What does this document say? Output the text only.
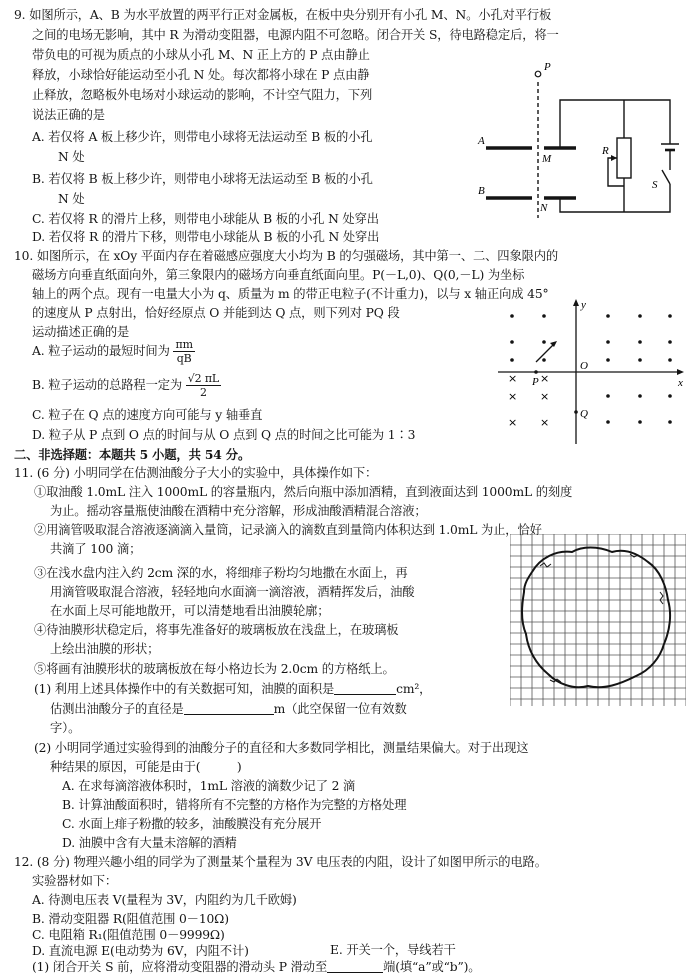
9. 如图所示，A、B 为水平放置的两平行正对金属板，在板中央分别开有小孔 M、N。小孔对平行板
之间的电场无影响，其中 R 为滑动变阻器，电源内阻不可忽略。闭合开关 S，待电路稳定后，将一
带负电的可视为质点的小球从小孔 M、N 正上方的 P 点由静止
释放，小球恰好能运动至小孔 N 处。每次都将小球在 P 点由静
止释放，忽略板外电场对小球运动的影响，不计空气阻力，下列
说法正确的是
A. 若仅将 A 板上移少许，则带电小球将无法运动至 B 板的小孔
N 处
B. 若仅将 B 板上移少许，则带电小球将无法运动至 B 板的小孔
N 处
C. 若仅将 R 的滑片上移，则带电小球能从 B 板的小孔 N 处穿出
D. 若仅将 R 的滑片下移，则带电小球能从 B 板的小孔 N 处穿出
P
A
M
B
N
R
S
10. 如图所示，在 xOy 平面内存在着磁感应强度大小均为 B 的匀强磁场，其中第一、二、四象限内的
磁场方向垂直纸面向外，第三象限内的磁场方向垂直纸面向里。P(－L,0)、Q(0,－L) 为坐标
轴上的两个点。现有一电量大小为 q、质量为 m 的带正电粒子(不计重力)，以与 x 轴正向成 45°
的速度从 P 点射出，恰好经原点 O 并能到达 Q 点，则下列对 PQ 段
运动描述正确的是
A. 粒子运动的最短时间为 $\frac{\pi m}{qB}$
B. 粒子运动的总路程一定为 $\frac{√2 \pi L}{2}$
C. 粒子在 Q 点的速度方向可能与 y 轴垂直
D. 粒子从 P 点到 O 点的时间与从 O 点到 Q 点的时间之比可能为 1∶3
×
×
×
×
× ×
y
x
O
P
Q
二、非选择题：本题共 5 小题，共 54 分。
11. (6 分) 小明同学在估测油酸分子大小的实验中，具体操作如下：
①取油酸 1.0mL 注入 1000mL 的容量瓶内，然后向瓶中添加酒精，直到液面达到 1000mL 的刻度
为止。摇动容量瓶使油酸在酒精中充分溶解，形成油酸酒精混合溶液；
②用滴管吸取混合溶液逐滴滴入量筒，记录滴入的滴数直到量筒内体积达到 1.0mL 为止，恰好
共滴了 100 滴；
③在浅水盘内注入约 2cm 深的水，将细痱子粉均匀地撒在水面上，再
用滴管吸取混合溶液，轻轻地向水面滴一滴溶液，酒精挥发后，油酸
在水面上尽可能地散开，可以清楚地看出油膜轮廓；
④待油膜形状稳定后，将事先准备好的玻璃板放在浅盘上，在玻璃板
上绘出油膜的形状；
⑤将画有油膜形状的玻璃板放在每小格边长为 2.0cm 的方格纸上。
(1) 利用上述具体操作中的有关数据可知，油膜的面积是	cm²，
估测出油酸分子的直径是	m（此空保留一位有效数
字）。
(2) 小明同学通过实验得到的油酸分子的直径和大多数同学相比，测量结果偏大。对于出现这
种结果的原因，可能是由于(　　　)
A. 在求每滴溶液体积时，1mL 溶液的滴数少记了 2 滴
B. 计算油酸面积时，错将所有不完整的方格作为完整的方格处理
C. 水面上痱子粉撒的较多，油酸膜没有充分展开
D. 油膜中含有大量未溶解的酒精
12. (8 分) 物理兴趣小组的同学为了测量某个量程为 3V 电压表的内阻，设计了如图甲所示的电路。
实验器材如下：
A. 待测电压表 V(量程为 3V，内阻约为几千欧姆)
B. 滑动变阻器 R(阻值范围 0－10Ω)
C. 电阻箱 R₁(阻值范围 0－9999Ω)
D. 直流电源 E(电动势为 6V，内阻不计)	E. 开关一个，导线若干
(1) 闭合开关 S 前，应将滑动变阻器的滑动头 P 滑动至	端(填“a”或“b”)。
